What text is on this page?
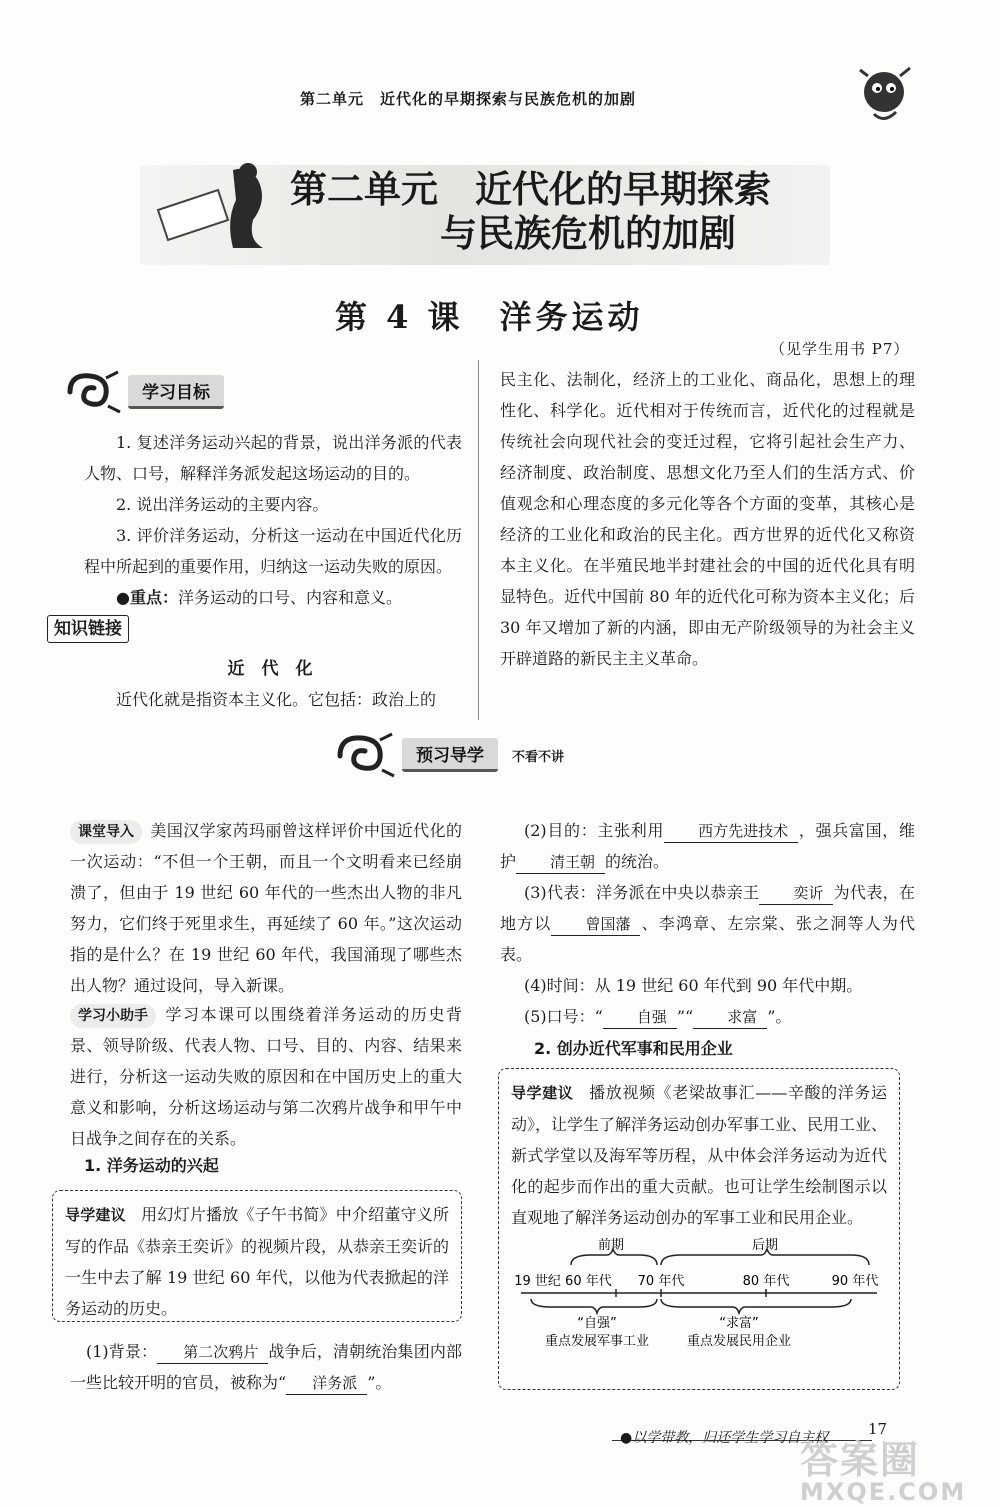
第二单元　近代化的早期探索与民族危机的加剧
第二单元　近代化的早期探索
与民族危机的加剧
第 4 课　洋务运动
（见学生用书 P7）
学习目标

1. 复述洋务运动兴起的背景，说出洋务派的代表人物、口号，解释洋务派发起这场运动的目的。

2. 说出洋务运动的主要内容。

3. 评价洋务运动，分析这一运动在中国近代化历程中所起到的重要作用，归纳这一运动失败的原因。

●重点：洋务运动的口号、内容和意义。

知识链接
近　代　化

近代化就是指资本主义化。它包括：政治上的

民主化、法制化，经济上的工业化、商品化，思想上的理性化、科学化。近代相对于传统而言，近代化的过程就是传统社会向现代社会的变迁过程，它将引起社会生产力、经济制度、政治制度、思想文化乃至人们的生活方式、价值观念和心理态度的多元化等各个方面的变革，其核心是经济的工业化和政治的民主化。西方世界的近代化又称资本主义化。在半殖民地半封建社会的中国的近代化具有明显特色。近代中国前 80 年的近代化可称为资本主义化；后 30 年又增加了新的内涵，即由无产阶级领导的为社会主义开辟道路的新民主主义革命。
预习导学	不看不讲
课堂导入 美国汉学家芮玛丽曾这样评价中国近代化的一次运动：“不但一个王朝，而且一个文明看来已经崩溃了，但由于 19 世纪 60 年代的一些杰出人物的非凡努力，它们终于死里求生，再延续了 60 年。”这次运动指的是什么？在 19 世纪 60 年代，我国涌现了哪些杰出人物？通过设问，导入新课。
学习小助手 学习本课可以围绕着洋务运动的历史背景、领导阶级、代表人物、口号、目的、内容、结果来进行，分析这一运动失败的原因和在中国历史上的重大意义和影响，分析这场运动与第二次鸦片战争和甲午中日战争之间存在的关系。
1. 洋务运动的兴起
导学建议 用幻灯片播放《子午书简》中介绍董守义所写的作品《恭亲王奕䜣》的视频片段，从恭亲王奕䜣的一生中去了解 19 世纪 60 年代，以他为代表掀起的洋务运动的历史。

(1)背景： 第二次鸦片 战争后，清朝统治集团内部一些比较开明的官员，被称为“ 洋务派 ”。

(2)目的：主张利用 西方先进技术 ，强兵富国，维护 清王朝 的统治。

(3)代表：洋务派在中央以恭亲王 奕䜣 为代表，在地方以 曾国藩 、李鸿章、左宗棠、张之洞等人为代表。

(4)时间：从 19 世纪 60 年代到 90 年代中期。

(5)口号：“ 自强 ”“ 求富 ”。

2. 创办近代军事和民用企业
导学建议 播放视频《老梁故事汇——辛酸的洋务运动》，让学生了解洋务运动创办军事工业、民用工业、新式学堂以及海军等历程，从中体会洋务运动为近代化的起步而作出的重大贡献。也可让学生绘制图示以直观地了解洋务运动创办的军事工业和民用企业。
前期	后期
19 世纪 60 年代 70 年代	80 年代	90 年代
“自强”	“求富”
重点发展军事工业	重点发展民用企业
●以学带教，归还学生学习自主权	17
答案圈
MXQE.COM
